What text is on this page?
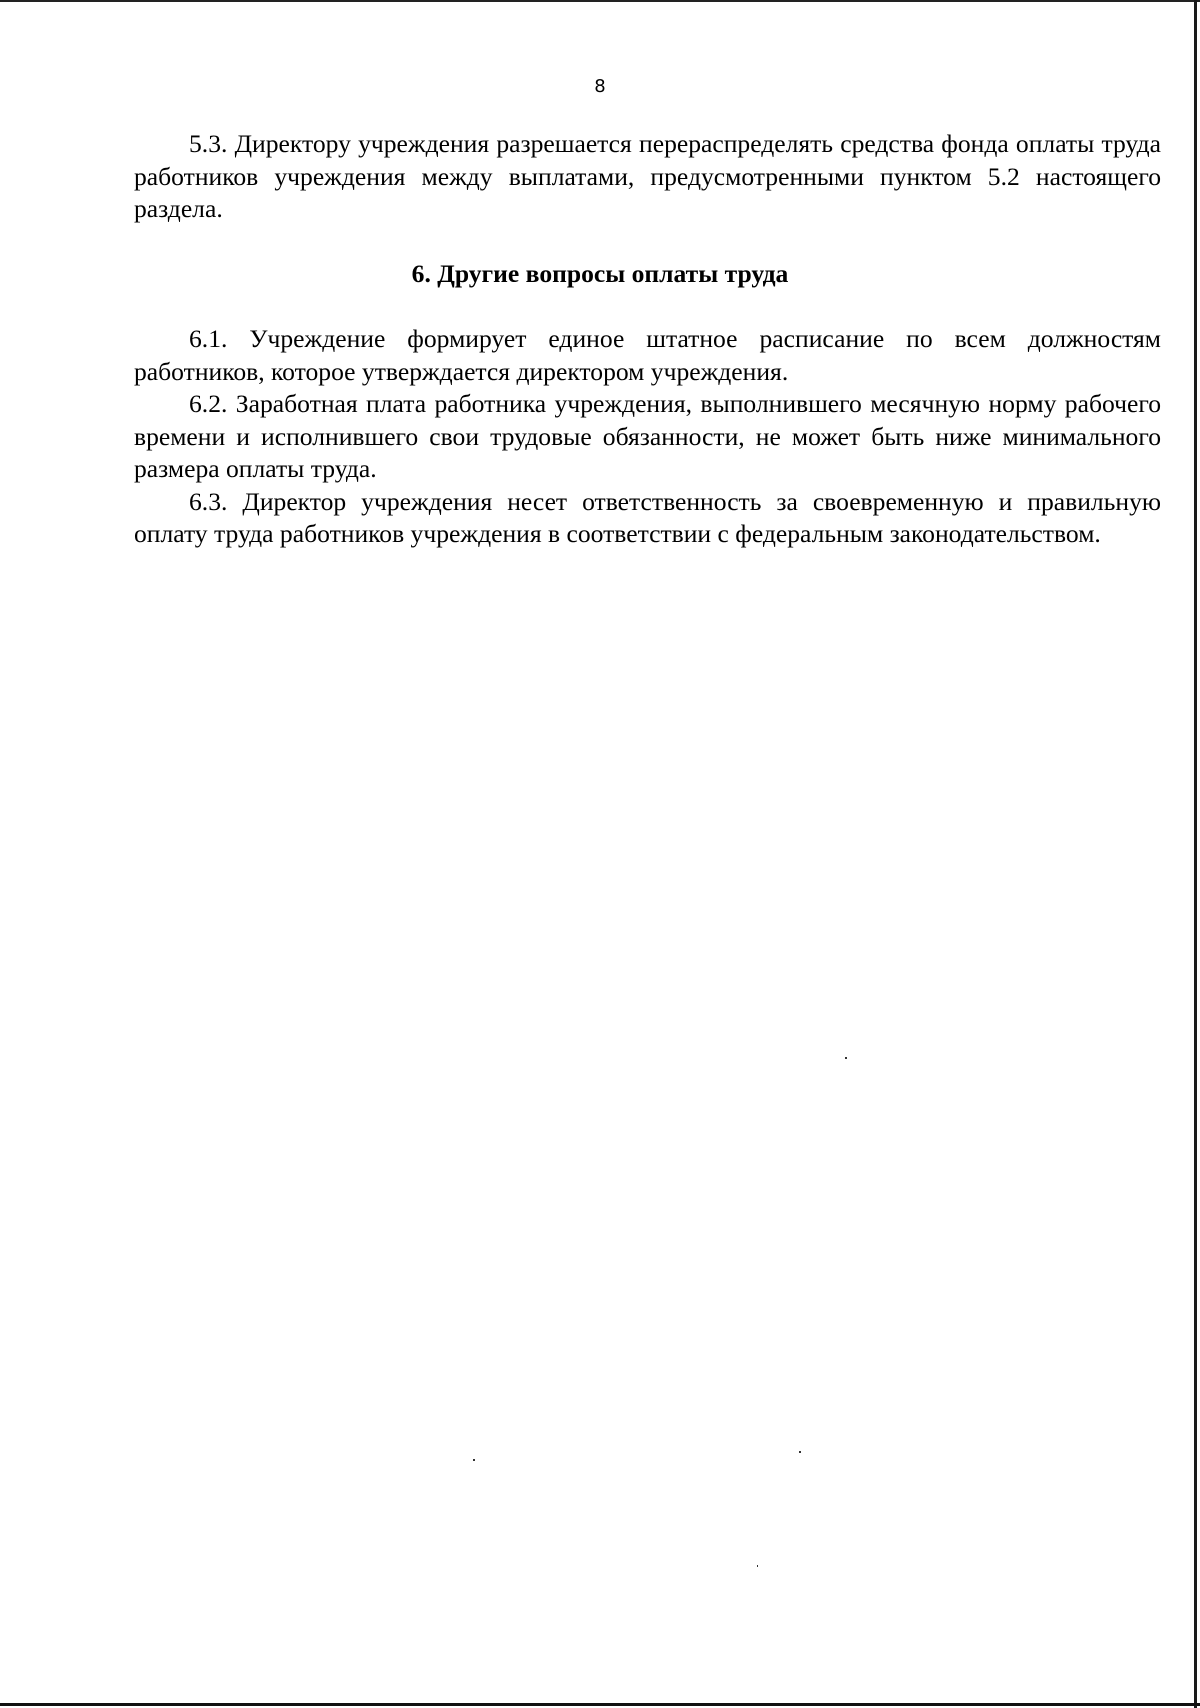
8

5.3. Директору учреждения разрешается перераспределять средства фонда оплаты труда работников учреждения между выплатами, предусмотренными пунктом 5.2 настоящего раздела.

6. Другие вопросы оплаты труда

6.1. Учреждение формирует единое штатное расписание по всем должностям работников, которое утверждается директором учреждения.

6.2. Заработная плата работника учреждения, выполнившего месячную норму рабочего времени и исполнившего свои трудовые обязанности, не может быть ниже минимального размера оплаты труда.

6.3. Директор учреждения несет ответственность за своевременную и правильную оплату труда работников учреждения в соответствии с федеральным законодательством.
